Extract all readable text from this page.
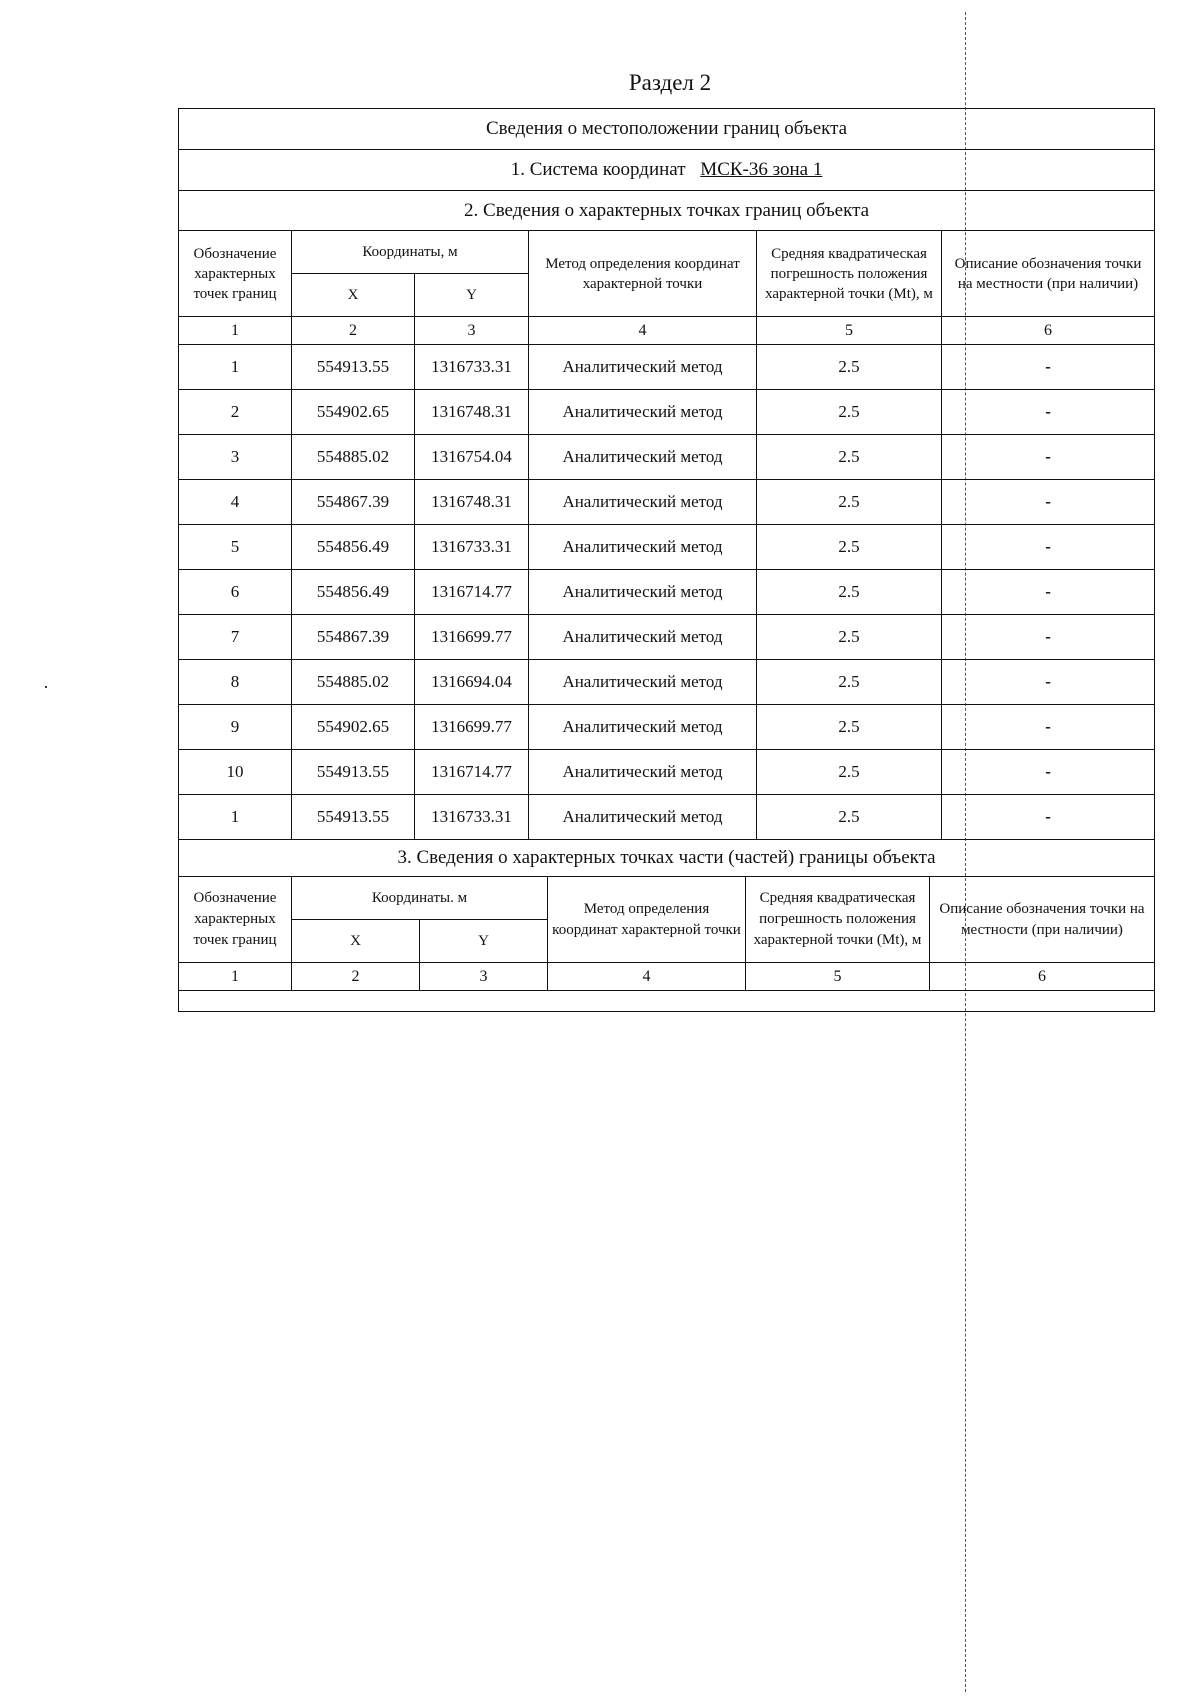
Раздел 2
Сведения о местоположении границ объекта					
1. Система координат МСК-36 зона 1					
2. Сведения о характерных точках границ объекта					
Обозначение характерных точек границ	Координаты, м		Метод определения координат характерной точки	Средняя квадратическая погрешность положения характерной точки (Mt), м	Описание обозначения точки на местности (при наличии)
	X	Y			
1	2	3	4	5	6
1	554913.55	1316733.31	Аналитический метод	2.5	-
2	554902.65	1316748.31	Аналитический метод	2.5	-
3	554885.02	1316754.04	Аналитический метод	2.5	-
4	554867.39	1316748.31	Аналитический метод	2.5	-
5	554856.49	1316733.31	Аналитический метод	2.5	-
6	554856.49	1316714.77	Аналитический метод	2.5	-
7	554867.39	1316699.77	Аналитический метод	2.5	-
8	554885.02	1316694.04	Аналитический метод	2.5	-
9	554902.65	1316699.77	Аналитический метод	2.5	-
10	554913.55	1316714.77	Аналитический метод	2.5	-
1	554913.55	1316733.31	Аналитический метод	2.5	-
3. Сведения о характерных точках части (частей) границы объекта					
Обозначение характерных точек границ	Координаты. м		Метод определения координат характерной точки	Средняя квадратическая погрешность положения характерной точки (Mt), м	Описание обозначения точки на местности (при наличии)
	X	Y			
1	2	3	4	5	6
